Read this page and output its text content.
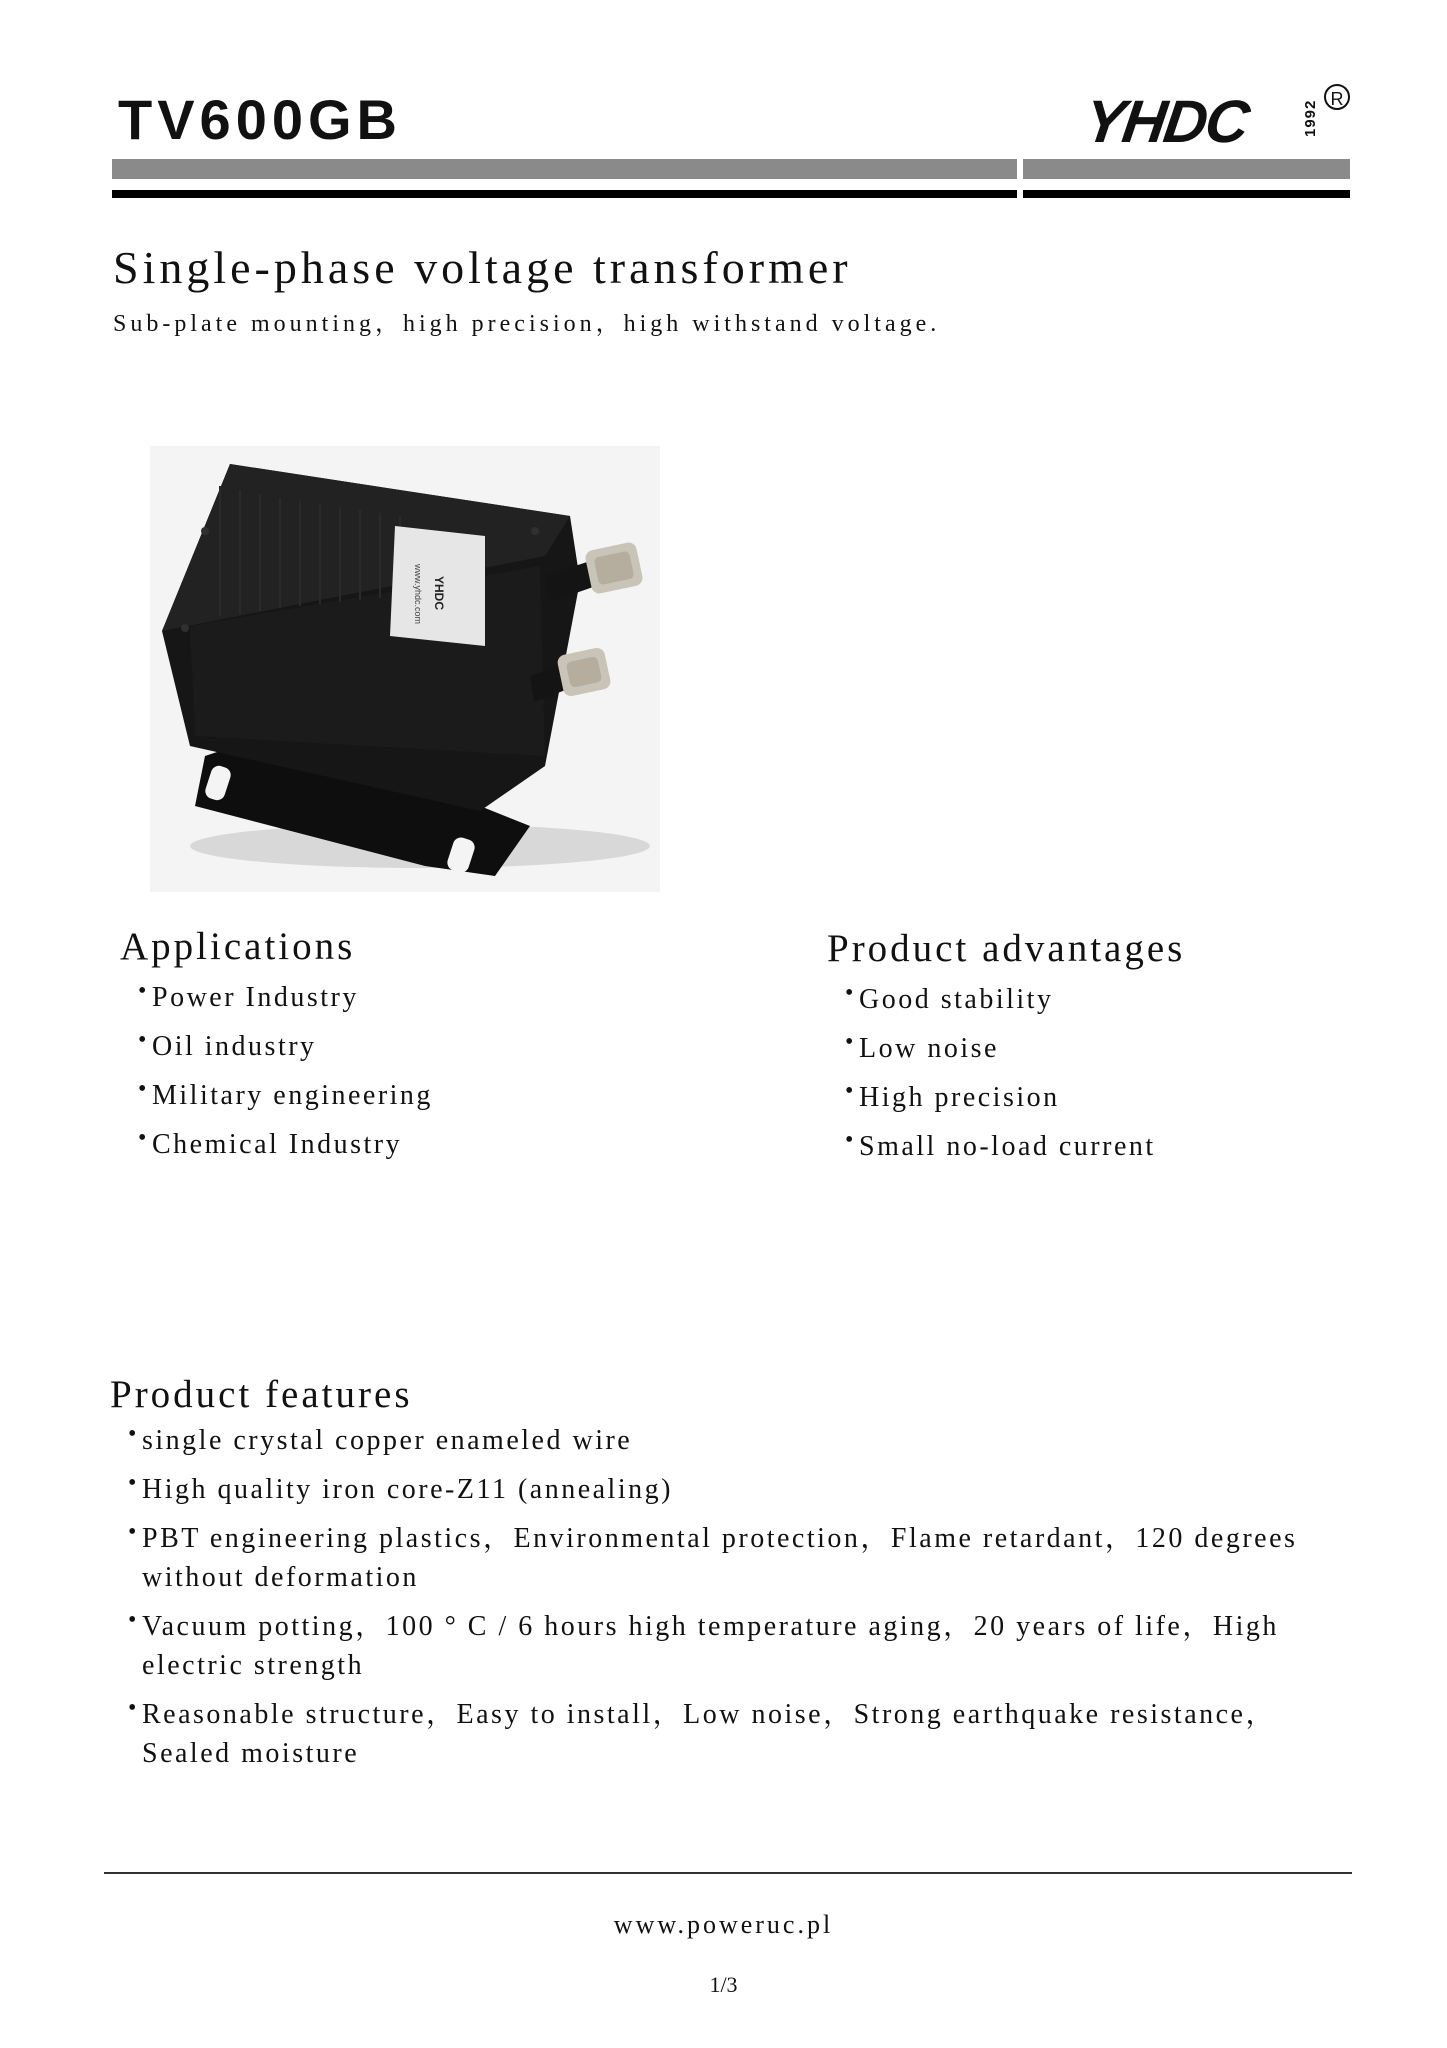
TV600GB	YHDC	1992
R
Single-phase voltage transformer
Sub-plate mounting，high precision，high withstand voltage.
YHDC
www.yhdc.com
Applications
• Power Industry
• Oil industry
• Military engineering
• Chemical Industry
Product advantages
• Good stability
• Low noise
• High precision
• Small no-load current
Product features
• single crystal copper enameled wire
• High quality iron core-Z11 (annealing)
• PBT engineering plastics，Environmental protection，Flame retardant，120 degrees without deformation
• Vacuum potting，100 ° C / 6 hours high temperature aging，20 years of life，High electric strength
• Reasonable structure，Easy to install，Low noise，Strong earthquake resistance，Sealed moisture
www.poweruc.pl
1/3
